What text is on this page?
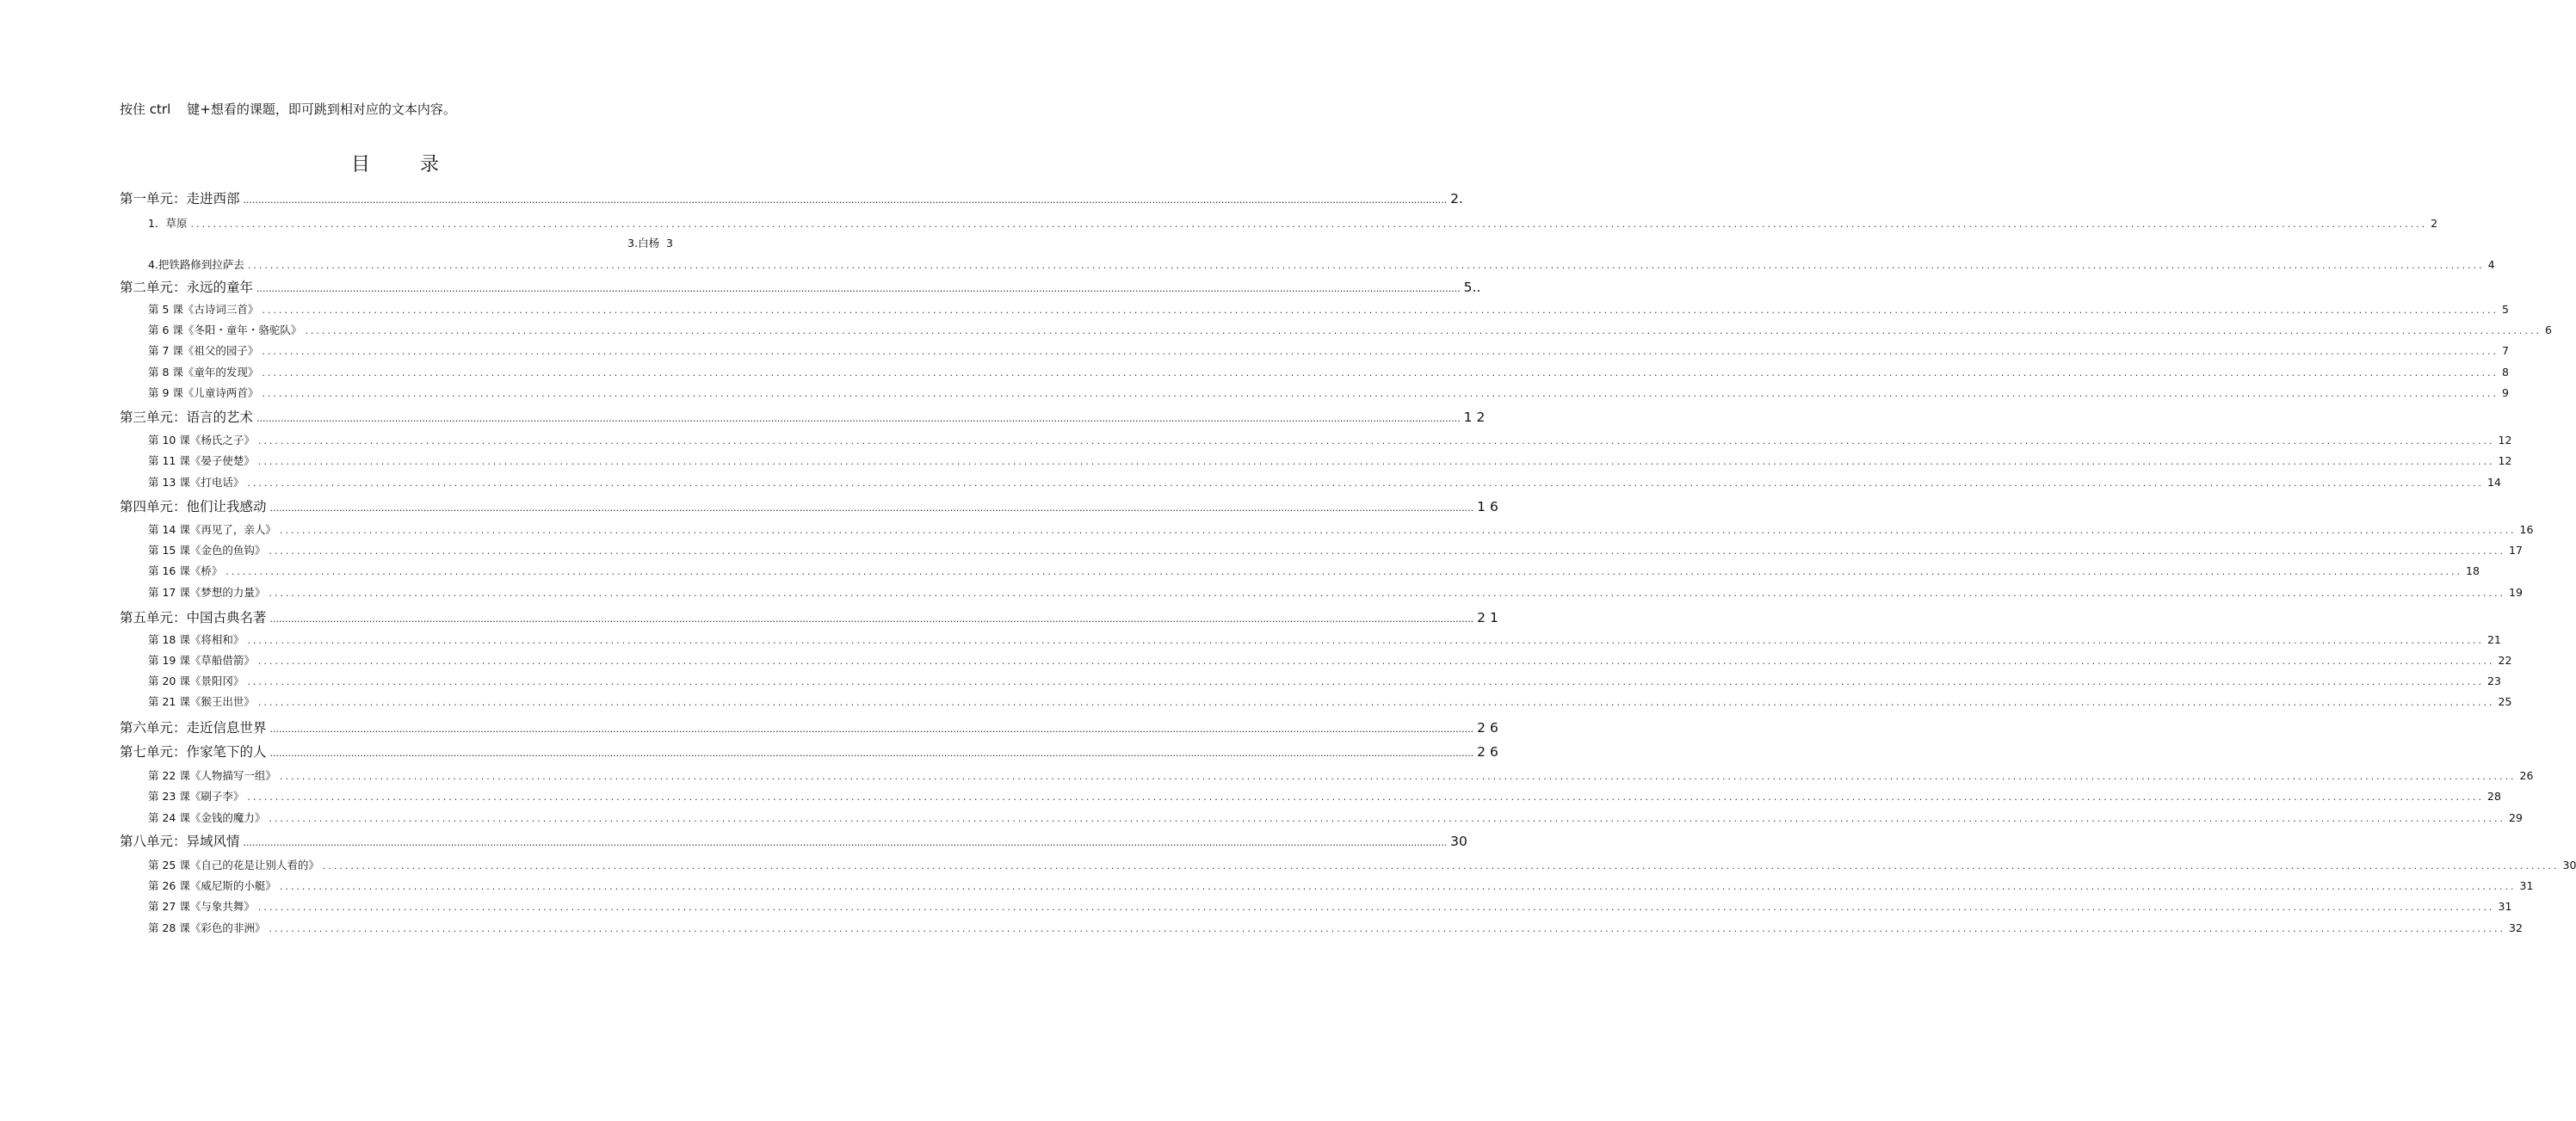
按住 ctrl    键+想看的课题，即可跳到相对应的文本内容。
目	录
第一单元：走进西部 ................................................................................................................................................................................................................................................................................................................................................................................................................ 2.
1．草原 ................................................................................................................................................................................................................................................................................................................................................................................................................ 2
3.白杨 3
4.把铁路修到拉萨去 ................................................................................................................................................................................................................................................................................................................................................................................................................ 4
第二单元：永远的童年 ................................................................................................................................................................................................................................................................................................................................................................................................................ 5..
第 5 课《古诗词三首》 ................................................................................................................................................................................................................................................................................................................................................................................................................ 5
第 6 课《冬阳・童年・骆驼队》 ................................................................................................................................................................................................................................................................................................................................................................................................................ 6
第 7 课《祖父的园子》 ................................................................................................................................................................................................................................................................................................................................................................................................................ 7
第 8 课《童年的发现》 ................................................................................................................................................................................................................................................................................................................................................................................................................ 8
第 9 课《儿童诗两首》 ................................................................................................................................................................................................................................................................................................................................................................................................................ 9
第三单元：语言的艺术 ................................................................................................................................................................................................................................................................................................................................................................................................................ 1 2
第 10 课《杨氏之子》 ................................................................................................................................................................................................................................................................................................................................................................................................................ 12
第 11 课《晏子使楚》 ................................................................................................................................................................................................................................................................................................................................................................................................................ 12
第 13 课《打电话》 ................................................................................................................................................................................................................................................................................................................................................................................................................ 14
第四单元：他们让我感动 ................................................................................................................................................................................................................................................................................................................................................................................................................ 1 6
第 14 课《再见了，亲人》 ................................................................................................................................................................................................................................................................................................................................................................................................................ 16
第 15 课《金色的鱼钩》 ................................................................................................................................................................................................................................................................................................................................................................................................................ 17
第 16 课《桥》 ................................................................................................................................................................................................................................................................................................................................................................................................................ 18
第 17 课《梦想的力量》 ................................................................................................................................................................................................................................................................................................................................................................................................................ 19
第五单元：中国古典名著 ................................................................................................................................................................................................................................................................................................................................................................................................................ 2 1
第 18 课《将相和》 ................................................................................................................................................................................................................................................................................................................................................................................................................ 21
第 19 课《草船借箭》 ................................................................................................................................................................................................................................................................................................................................................................................................................ 22
第 20 课《景阳冈》 ................................................................................................................................................................................................................................................................................................................................................................................................................ 23
第 21 课《猴王出世》 ................................................................................................................................................................................................................................................................................................................................................................................................................ 25
第六单元：走近信息世界 ................................................................................................................................................................................................................................................................................................................................................................................................................ 2 6
第七单元：作家笔下的人 ................................................................................................................................................................................................................................................................................................................................................................................................................ 2 6
第 22 课《人物描写一组》 ................................................................................................................................................................................................................................................................................................................................................................................................................ 26
第 23 课《刷子李》 ................................................................................................................................................................................................................................................................................................................................................................................................................ 28
第 24 课《金钱的魔力》 ................................................................................................................................................................................................................................................................................................................................................................................................................ 29
第八单元：异域风情 ................................................................................................................................................................................................................................................................................................................................................................................................................ 30
第 25 课《自己的花是让别人看的》 ................................................................................................................................................................................................................................................................................................................................................................................................................ 30
第 26 课《威尼斯的小艇》 ................................................................................................................................................................................................................................................................................................................................................................................................................ 31
第 27 课《与象共舞》 ................................................................................................................................................................................................................................................................................................................................................................................................................ 31
第 28 课《彩色的非洲》 ................................................................................................................................................................................................................................................................................................................................................................................................................ 32
